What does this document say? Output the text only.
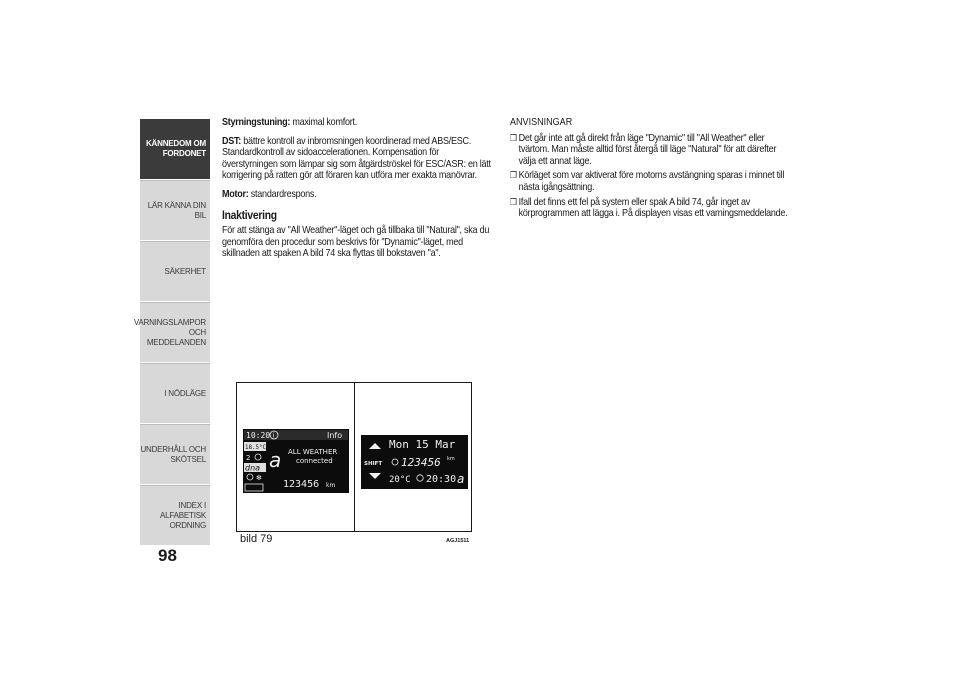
KÄNNEDOM OM
FORDONET
LÄR KÄNNA DIN BIL
SÄKERHET
VARNINGSLAMPOR
OCH MEDDELANDEN
I NÖDLÄGE
UNDERHÅLL OCH
SKÖTSEL
INDEX I ALFABETISK
ORDNING
98

Styrningstuning: maximal komfort.

DST: bättre kontroll av inbromsningen koordinerad med ABS/ESC. Standardkontroll av sidoaccelerationen. Kompensation för överstyrningen som lämpar sig som åtgärdströskel för ESC/ASR: en lätt korrigering på ratten gör att föraren kan utföra mer exakta manövrar.

Motor: standardrespons.

Inaktivering

För att stänga av "All Weather"-läget och gå tillbaka till "Natural", ska du genomföra den procedur som beskrivs för "Dynamic"-läget, med skillnaden att spaken A bild 74 ska flyttas till bokstaven "a".

ANVISNINGAR
❒ Det går inte att gå direkt från läge "Dynamic" till "All Weather" eller tvärtom. Man måste alltid först återgå till läge "Natural" för att därefter välja ett annat läge.
❒ Körläget som var aktiverat före motorns avstängning sparas i minnet till nästa igångsättning.
❒ Ifall det finns ett fel på system eller spak A bild 74, går inget av körprogrammen att lägga i. På displayen visas ett varningsmeddelande.
10:20 i	Info
18.5°C
2
dna
✻
a ALL WEATHER
connected
123456 km
SHIFT
Mon 15 Mar
123456 km
20°C 20:30 a
bild 79	AGJ1511
